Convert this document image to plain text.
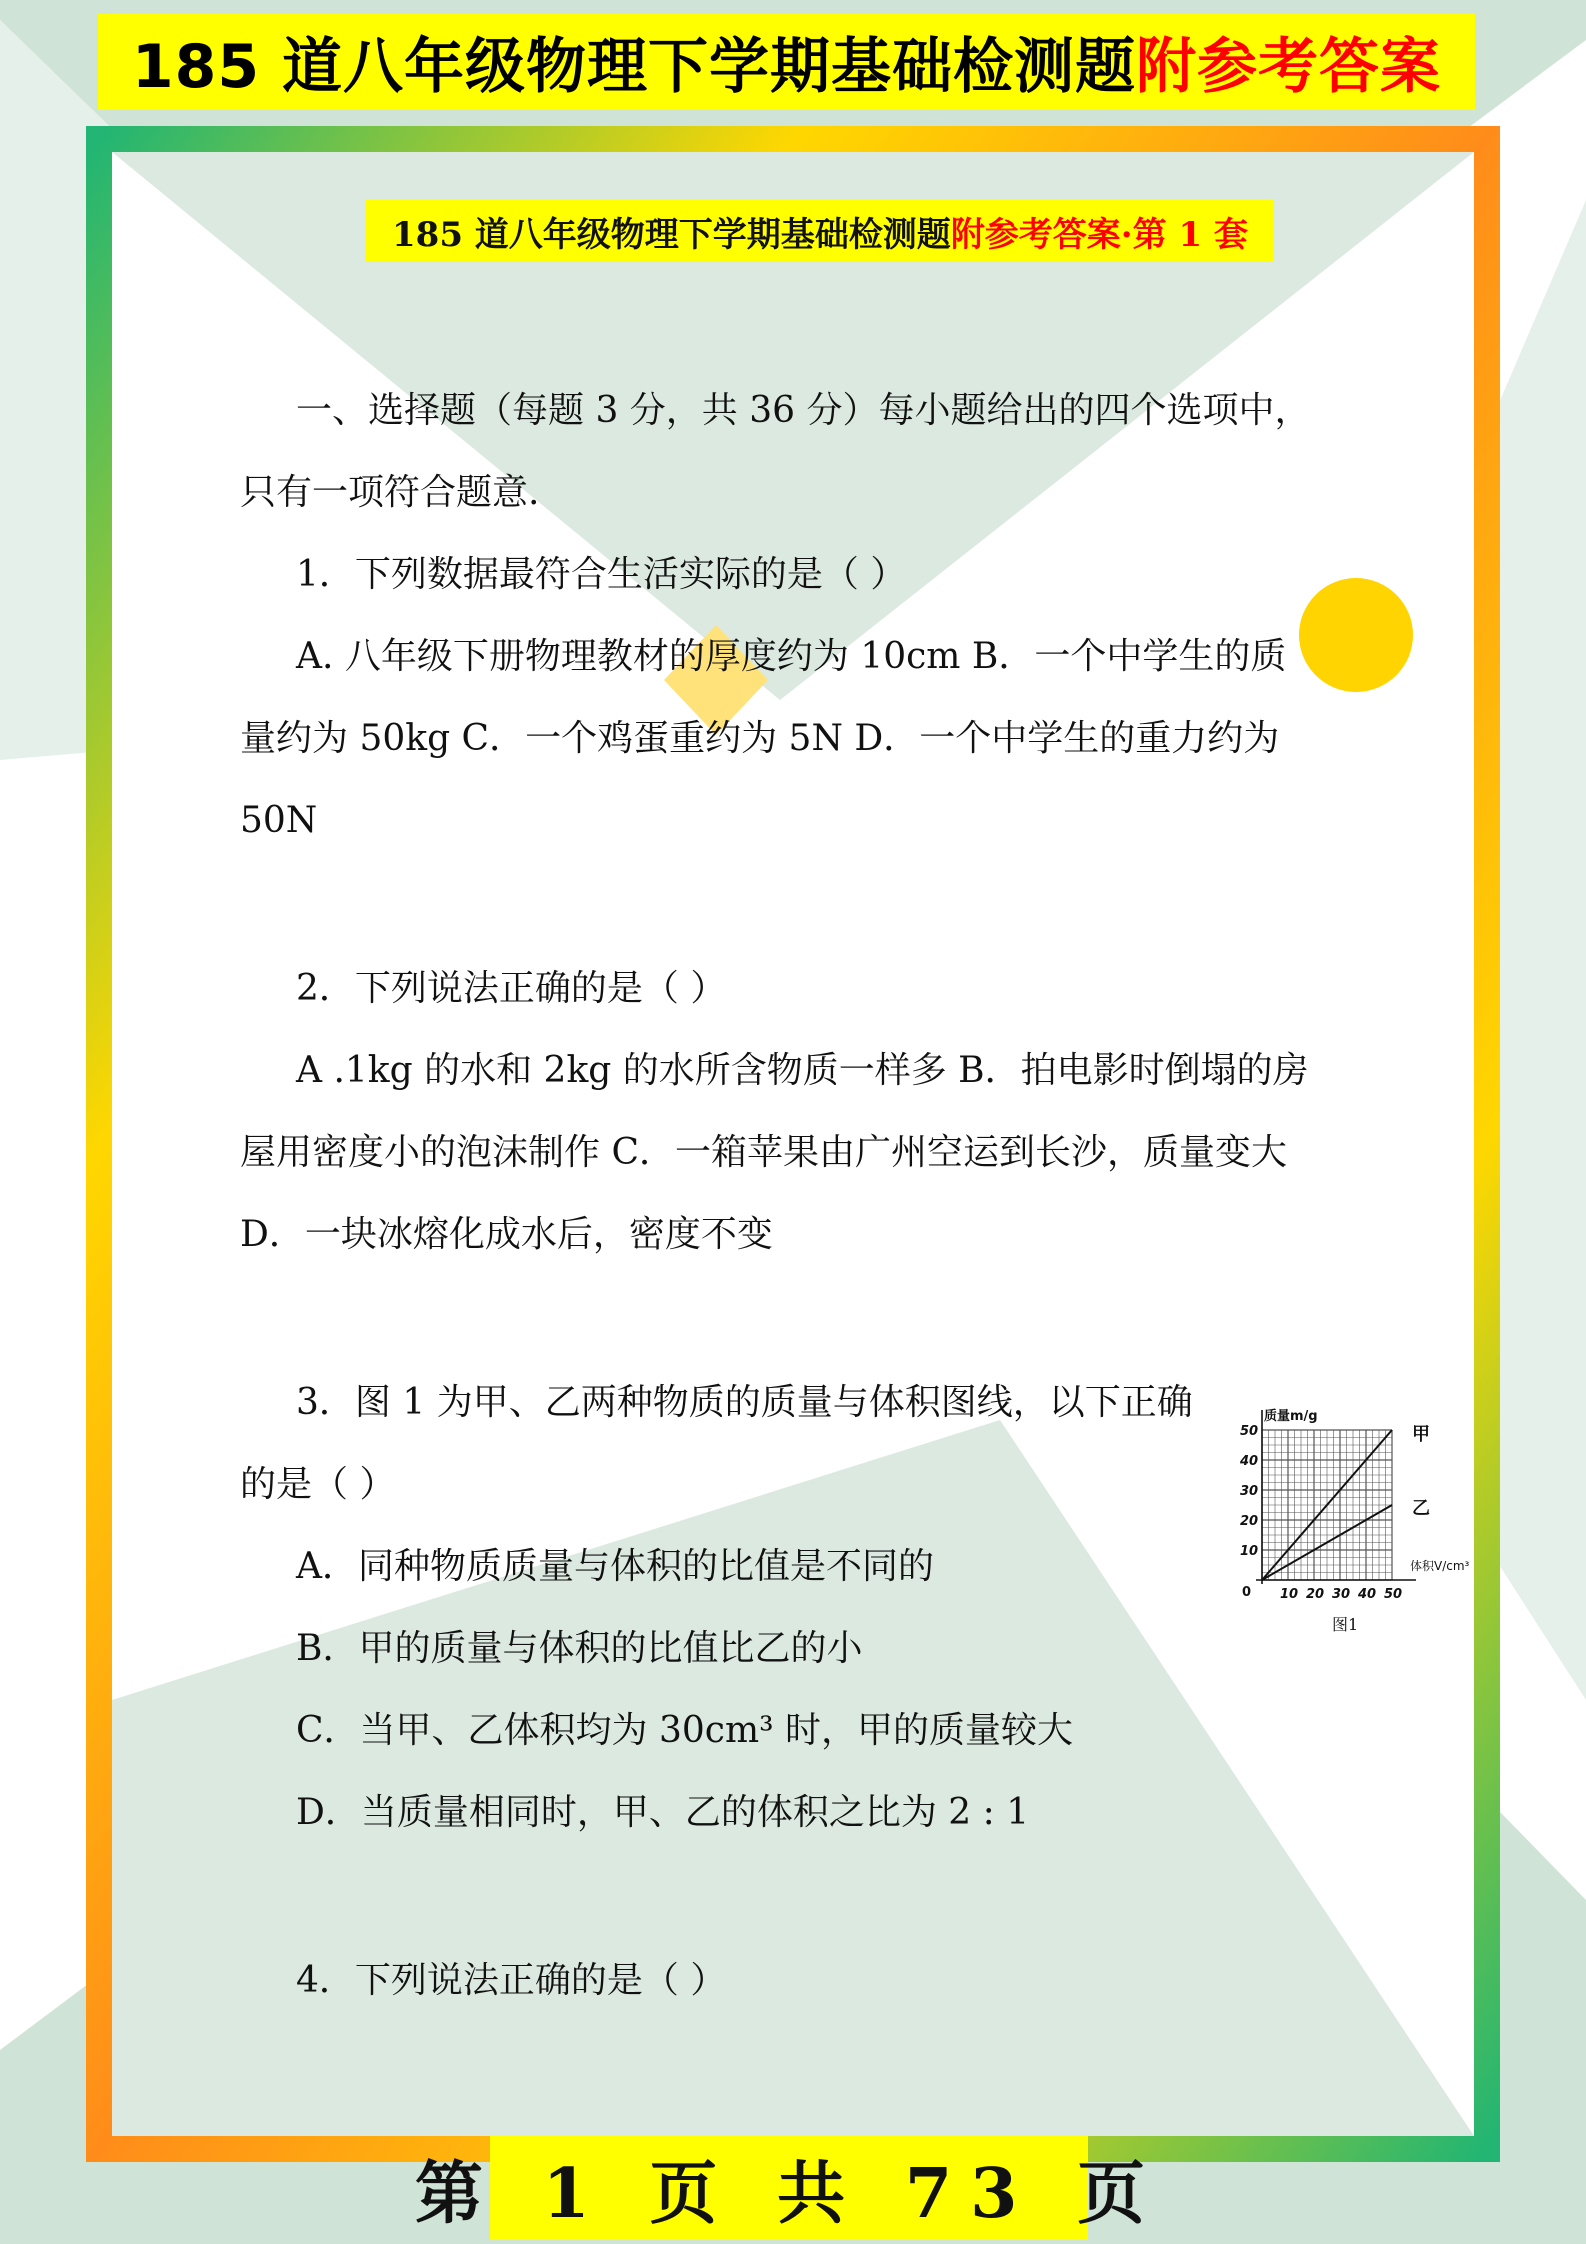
185 道八年级物理下学期基础检测题 附参考答案
185 道八年级物理下学期基础检测题 附参考答案·第 1 套

一、选择题（每题 3 分，共 36 分）每小题给出的四个选项中，

只有一项符合题意.

1．下列数据最符合生活实际的是（ ）

A. 八年级下册物理教材的厚度约为 10cm B．一个中学生的质

量约为 50kg C．一个鸡蛋重约为 5N D．一个中学生的重力约为

50N

2．下列说法正确的是（ ）

A .1kg 的水和 2kg 的水所含物质一样多 B．拍电影时倒塌的房

屋用密度小的泡沫制作 C．一箱苹果由广州空运到长沙，质量变大

D．一块冰熔化成水后，密度不变

3．图 1 为甲、乙两种物质的质量与体积图线，以下正确

的是（ ）

A．同种物质质量与体积的比值是不同的

B．甲的质量与体积的比值比乙的小

C．当甲、乙体积均为 30cm³ 时，甲的质量较大

D．当质量相同时，甲、乙的体积之比为 2 : 1

4．下列说法正确的是（ ）

10
20
30
40
50
10 20 30 40 50
质量m/g
体积V/cm³
甲
乙
0
图1
第 1 页 共 73 页
